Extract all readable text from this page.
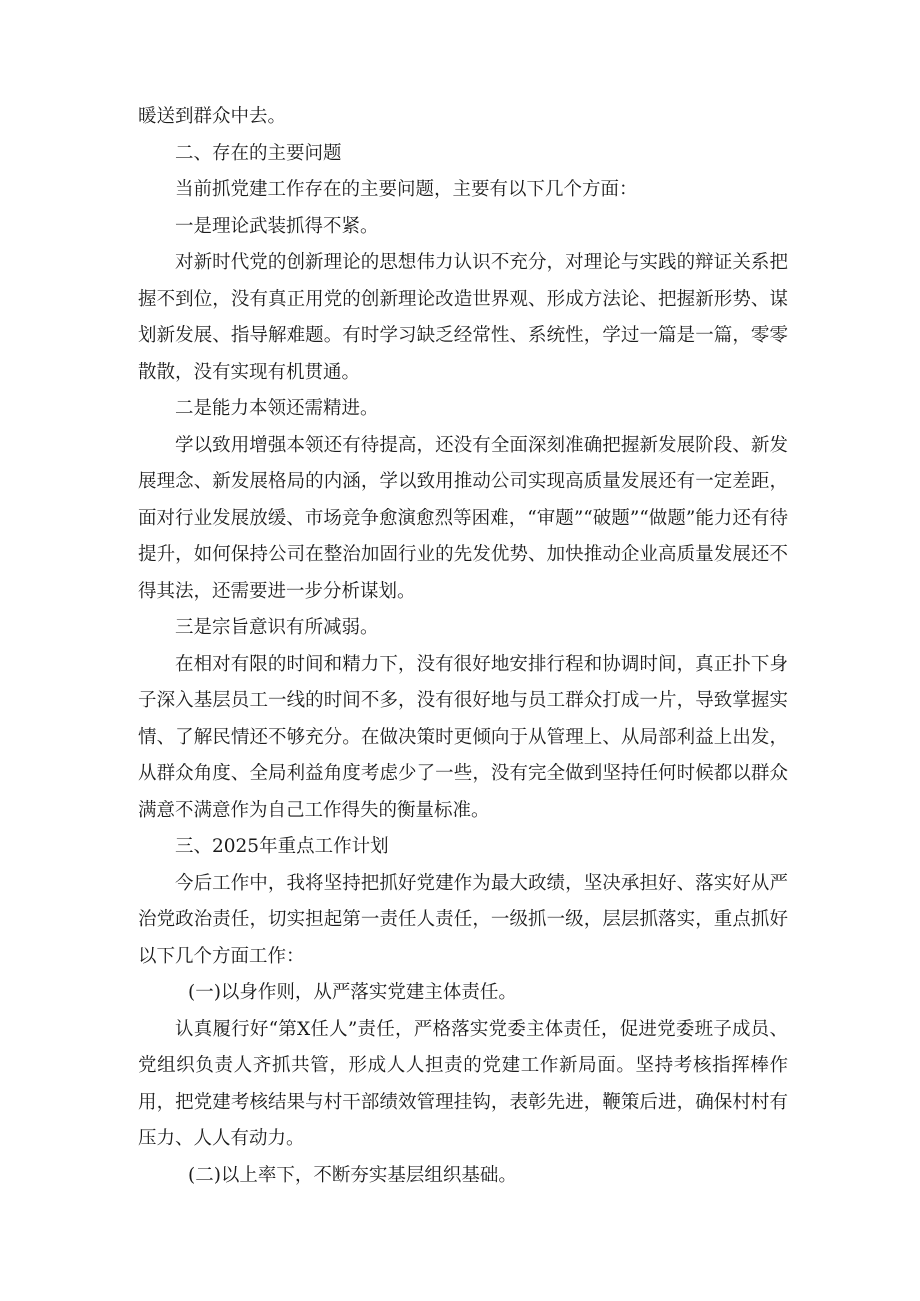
暖送到群众中去。

二、存在的主要问题

当前抓党建工作存在的主要问题，主要有以下几个方面：

一是理论武装抓得不紧。

对新时代党的创新理论的思想伟力认识不充分，对理论与实践的辩证关系把握不到位，没有真正用党的创新理论改造世界观、形成方法论、把握新形势、谋划新发展、指导解难题。有时学习缺乏经常性、系统性，学过一篇是一篇，零零散散，没有实现有机贯通。

二是能力本领还需精进。

学以致用增强本领还有待提高，还没有全面深刻准确把握新发展阶段、新发展理念、新发展格局的内涵，学以致用推动公司实现高质量发展还有一定差距，面对行业发展放缓、市场竞争愈演愈烈等困难，“审题”“破题”“做题”能力还有待提升，如何保持公司在整治加固行业的先发优势、加快推动企业高质量发展还不得其法，还需要进一步分析谋划。

三是宗旨意识有所减弱。

在相对有限的时间和精力下，没有很好地安排行程和协调时间，真正扑下身子深入基层员工一线的时间不多，没有很好地与员工群众打成一片，导致掌握实情、了解民情还不够充分。在做决策时更倾向于从管理上、从局部利益上出发，从群众角度、全局利益角度考虑少了一些，没有完全做到坚持任何时候都以群众满意不满意作为自己工作得失的衡量标准。

三、2025年重点工作计划

今后工作中，我将坚持把抓好党建作为最大政绩，坚决承担好、落实好从严治党政治责任，切实担起第一责任人责任，一级抓一级，层层抓落实，重点抓好以下几个方面工作：

(一)以身作则，从严落实党建主体责任。

认真履行好“第X任人”责任，严格落实党委主体责任，促进党委班子成员、党组织负责人齐抓共管，形成人人担责的党建工作新局面。坚持考核指挥棒作用，把党建考核结果与村干部绩效管理挂钩，表彰先进，鞭策后进，确保村村有压力、人人有动力。

(二)以上率下，不断夯实基层组织基础。
